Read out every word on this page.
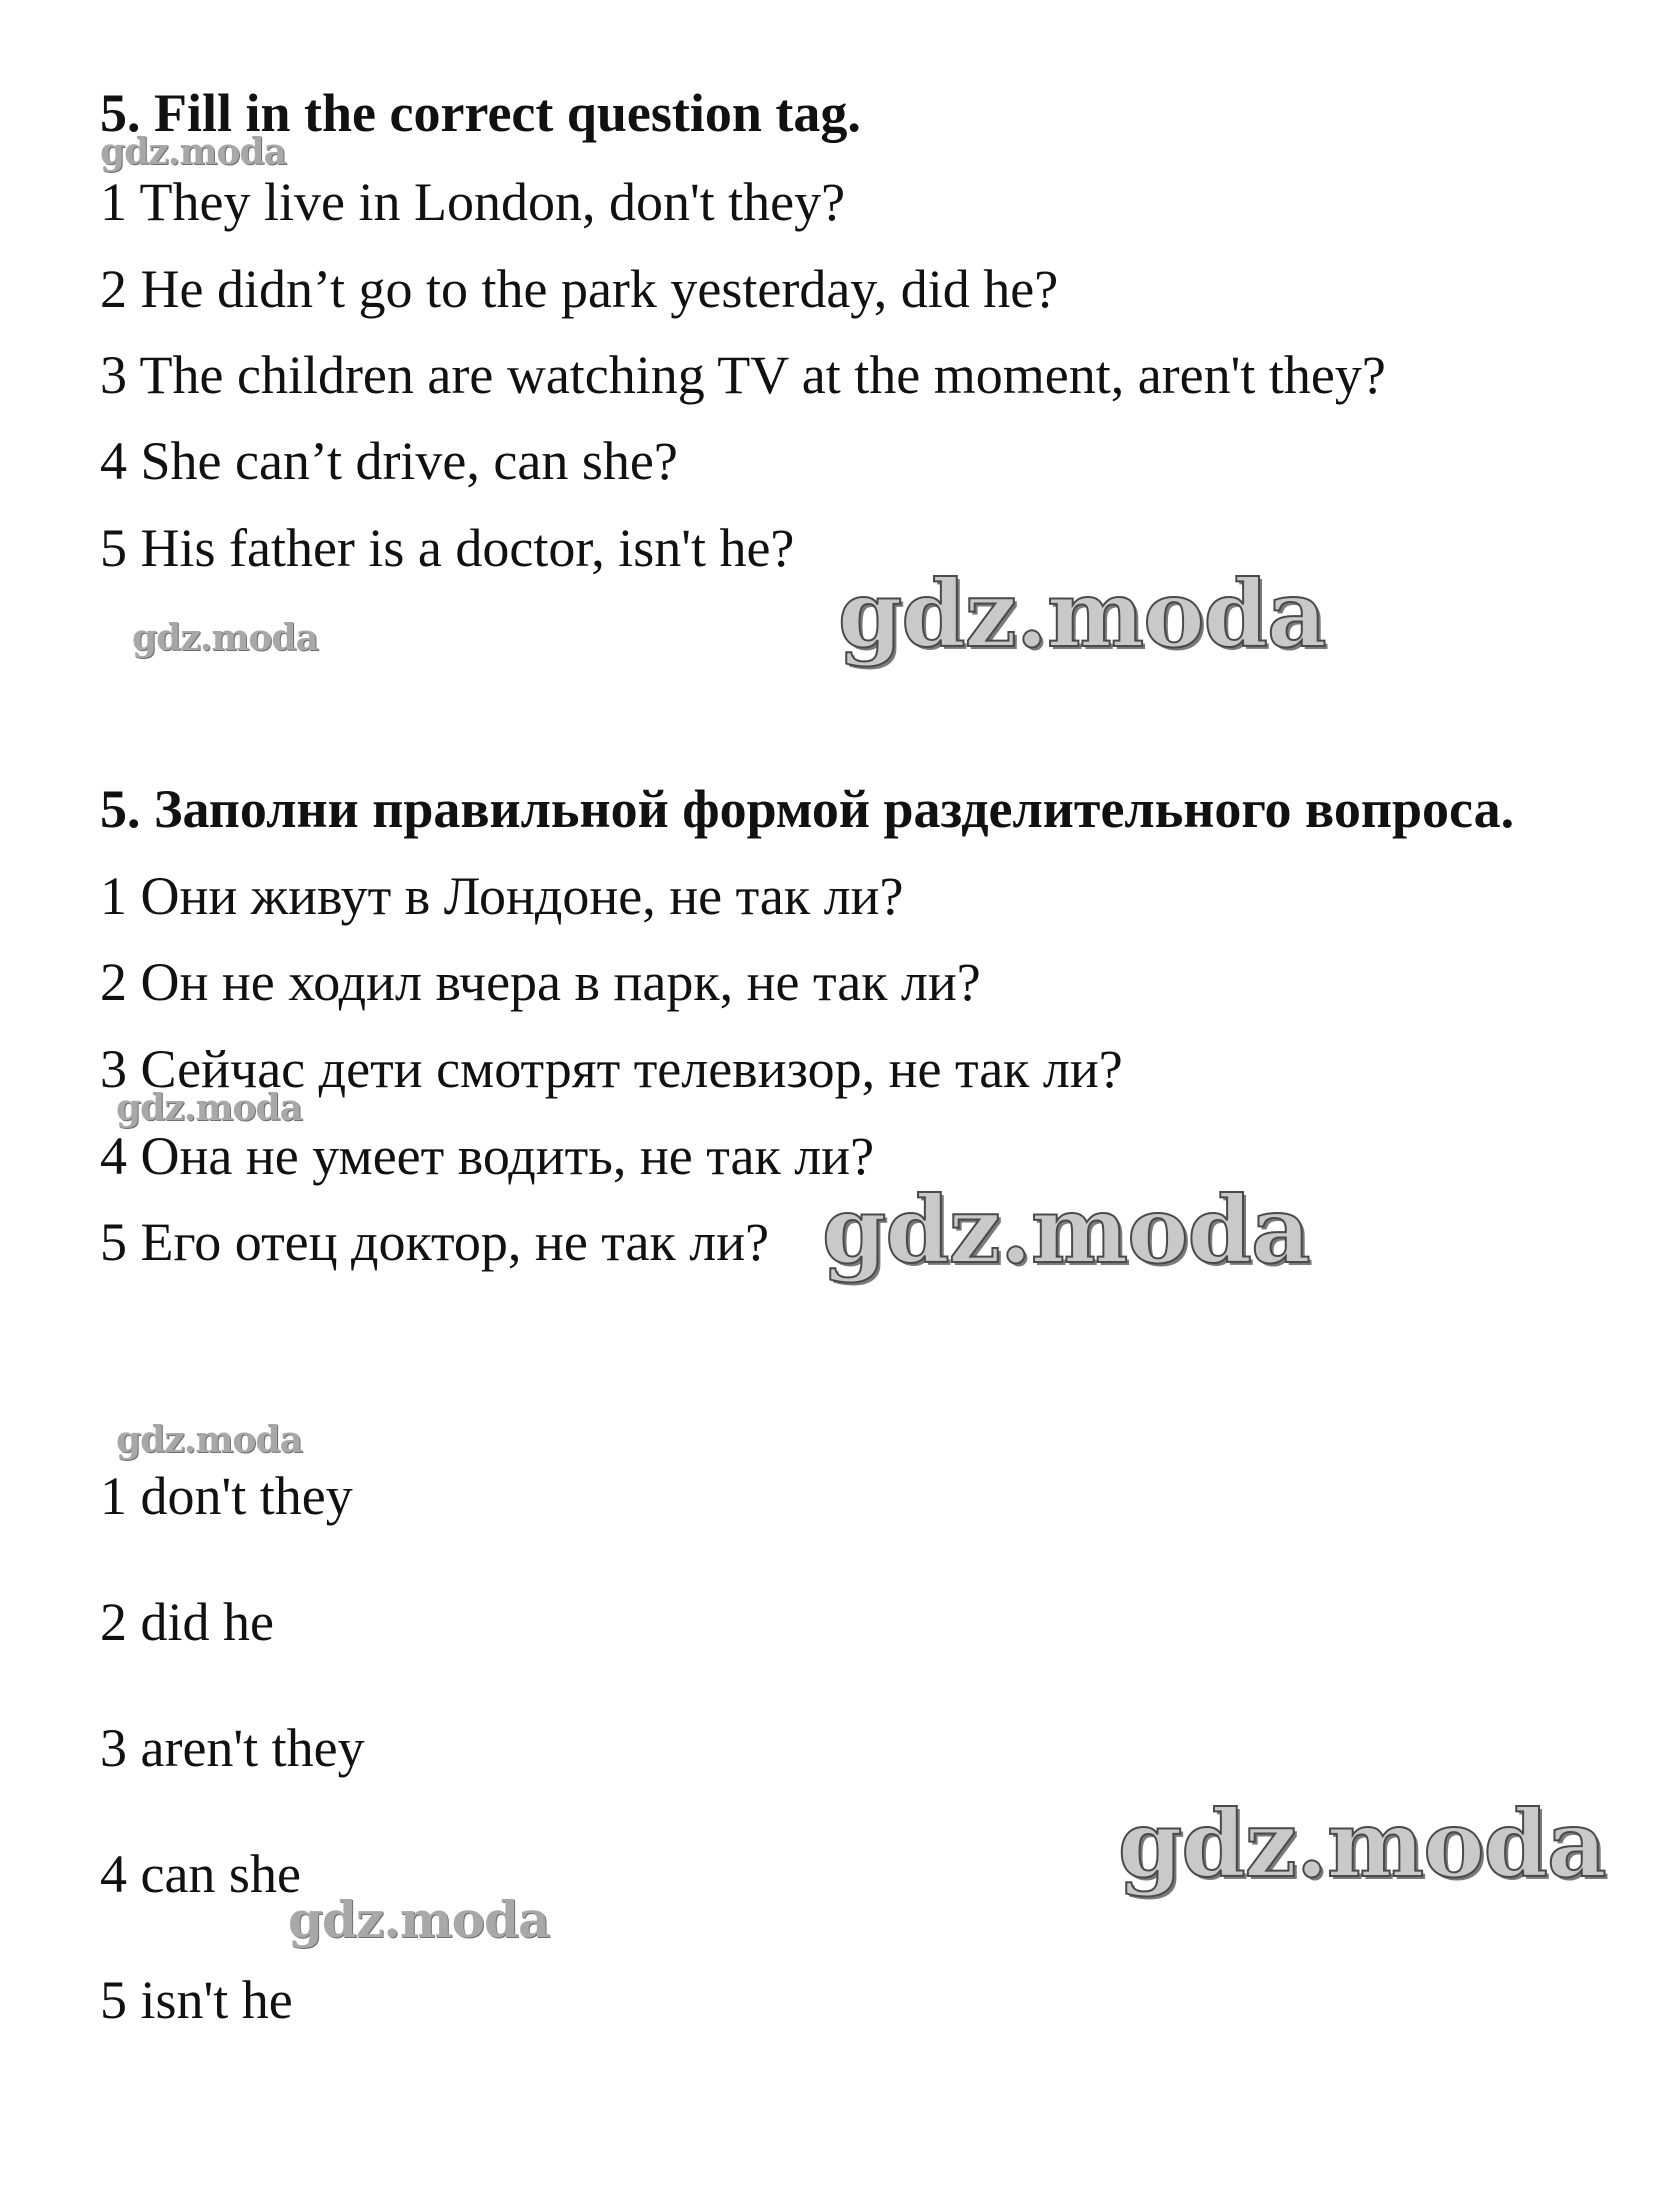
5. Fill in the correct question tag.
1 They live in London, don't they?
2 He didn’t go to the park yesterday, did he?
3 The children are watching TV at the moment, aren't they?
4 She can’t drive, can she?
5 His father is a doctor, isn't he?
5. Заполни правильной формой разделительного вопроса.
1 Они живут в Лондоне, не так ли?
2 Он не ходил вчера в парк, не так ли?
3 Сейчас дети смотрят телевизор, не так ли?
4 Она не умеет водить, не так ли?
5 Его отец доктор, не так ли?
1 don't they
2 did he
3 aren't they
4 can she
5 isn't he
gdz.moda
gdz.moda	gdz.moda
gdz.moda
gdz.moda
gdz.moda
gdz.moda
gdz.moda
